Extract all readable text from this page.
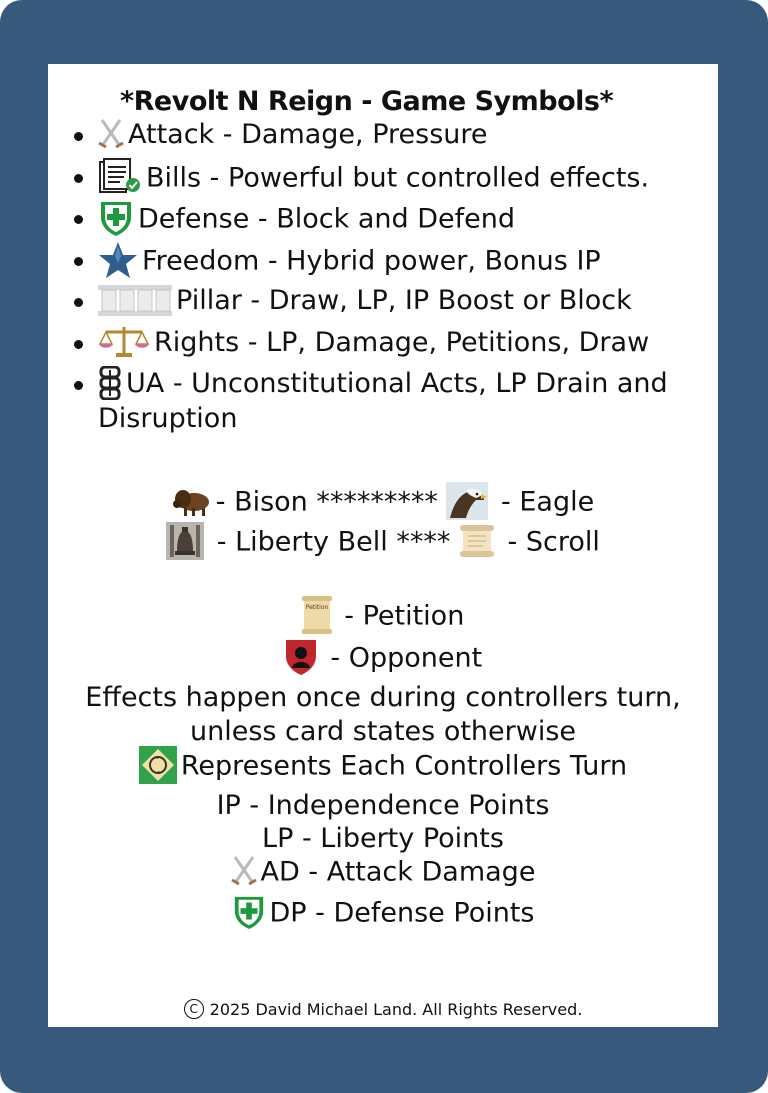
*Revolt N Reign - Game Symbols*
Attack - Damage, Pressure
Bills - Powerful but controlled effects.
Defense - Block and Defend
Freedom - Hybrid power, Bonus IP
Pillar - Draw, LP, IP Boost or Block
Rights - LP, Damage, Petitions, Draw
UA - Unconstitutional Acts, LP Drain and Disruption
- Bison *********  - Eagle
- Liberty Bell ****  - Scroll
Petition - Petition
- Opponent
Effects happen once during controllers turn, unless card states otherwise
Represents Each Controllers Turn
IP - Independence Points
LP - Liberty Points
AD - Attack Damage
DP - Defense Points
C 2025 David Michael Land. All Rights Reserved.
